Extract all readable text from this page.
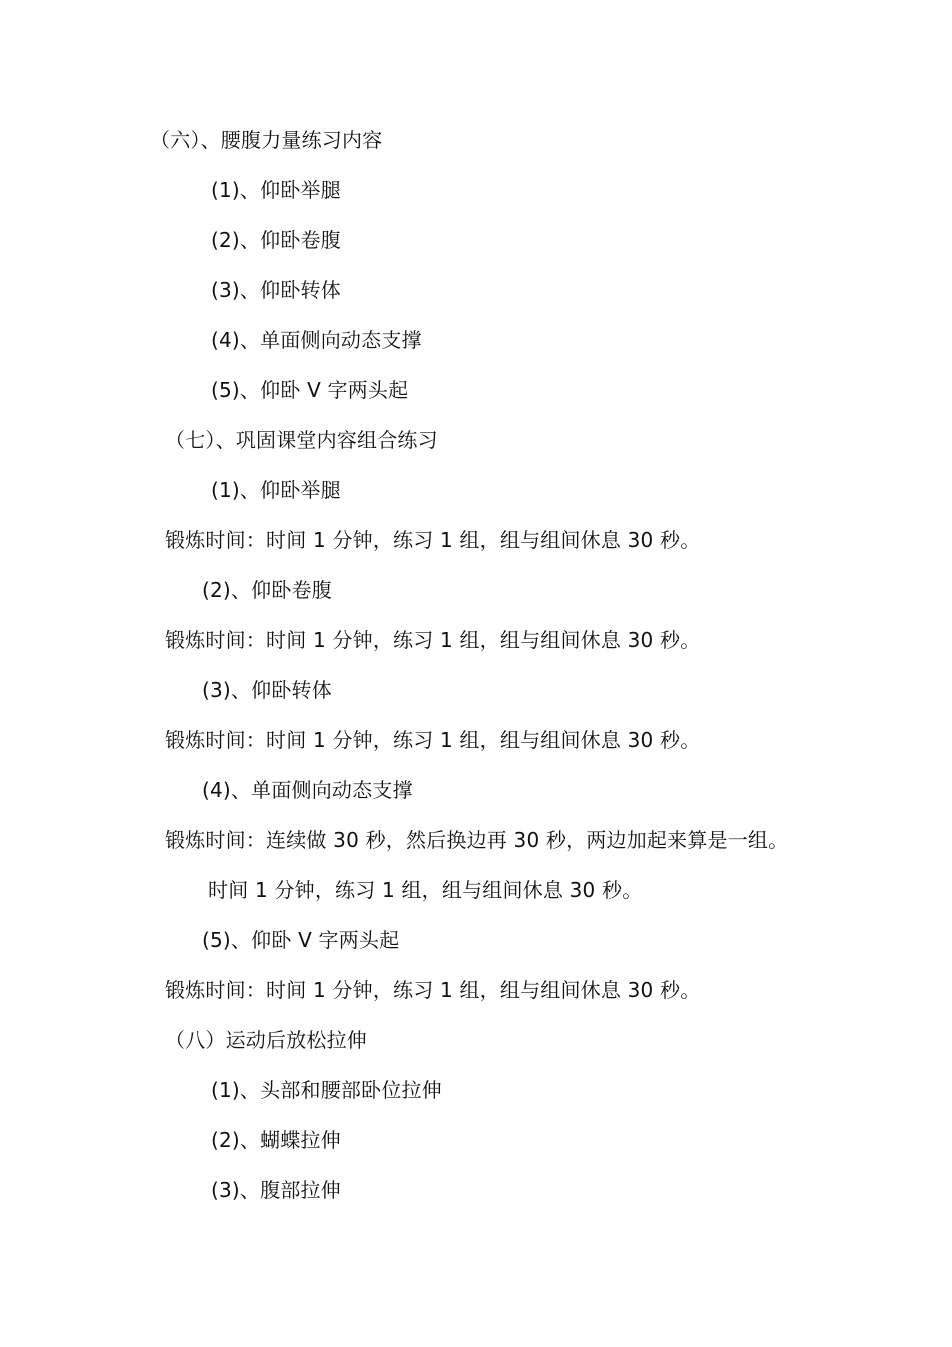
（六）、腰腹力量练习内容
(1)、仰卧举腿
(2)、仰卧卷腹
(3)、仰卧转体
(4)、单面侧向动态支撑
(5)、仰卧 V 字两头起
（七）、巩固课堂内容组合练习
(1)、仰卧举腿
锻炼时间：时间 1 分钟，练习 1 组，组与组间休息 30 秒。
(2)、仰卧卷腹
锻炼时间：时间 1 分钟，练习 1 组，组与组间休息 30 秒。
(3)、仰卧转体
锻炼时间：时间 1 分钟，练习 1 组，组与组间休息 30 秒。
(4)、单面侧向动态支撑
锻炼时间：连续做 30 秒，然后换边再 30 秒，两边加起来算是一组。
时间 1 分钟，练习 1 组，组与组间休息 30 秒。
(5)、仰卧 V 字两头起
锻炼时间：时间 1 分钟，练习 1 组，组与组间休息 30 秒。
（八）运动后放松拉伸
(1)、头部和腰部卧位拉伸
(2)、蝴蝶拉伸
(3)、腹部拉伸
